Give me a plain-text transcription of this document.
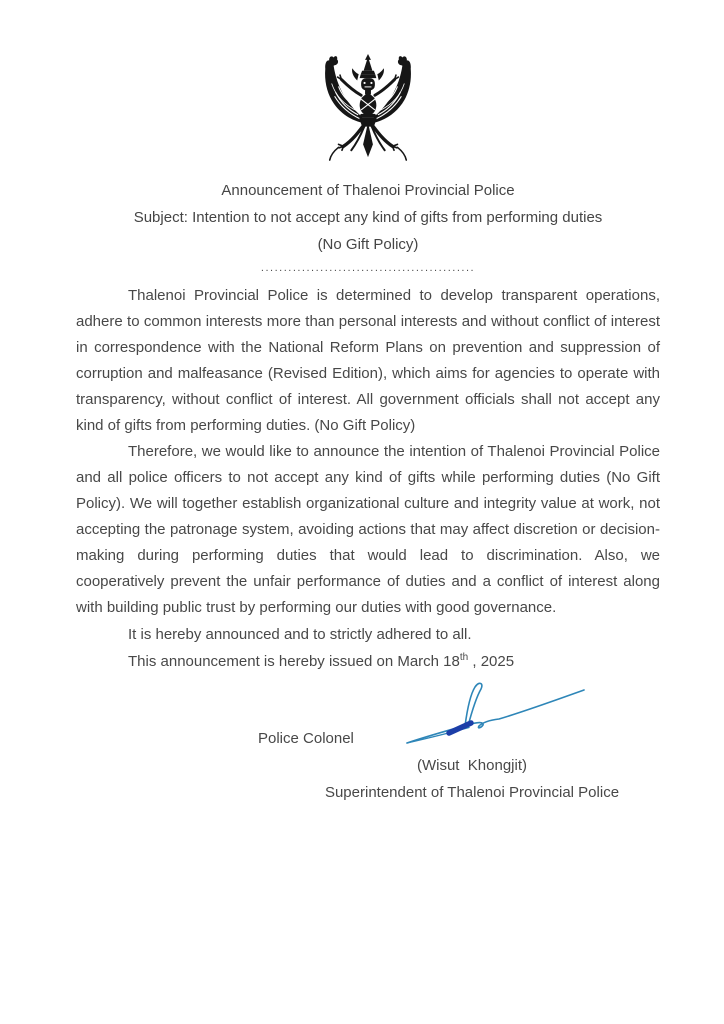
Announcement of Thalenoi Provincial Police
Subject: Intention to not accept any kind of gifts from performing duties
(No Gift Policy)
...............................................

Thalenoi Provincial Police is determined to develop transparent operations, adhere to common interests more than personal interests and without conflict of interest in correspondence with the National Reform Plans on prevention and suppression of corruption and malfeasance (Revised Edition), which aims for agencies to operate with transparency, without conflict of interest. All government officials shall not accept any kind of gifts from performing duties. (No Gift Policy)

Therefore, we would like to announce the intention of Thalenoi Provincial Police and all police officers to not accept any kind of gifts while performing duties (No Gift Policy). We will together establish organizational culture and integrity value at work, not accepting the patronage system, avoiding actions that may affect discretion or decision-making during performing duties that would lead to discrimination. Also, we cooperatively prevent the unfair performance of duties and a conflict of interest along with building public trust by performing our duties with good governance.

It is hereby announced and to strictly adhered to all.

This announcement is hereby issued on March 18th , 2025

Police Colonel
(Wisut  Khongjit)
Superintendent of Thalenoi Provincial Police
